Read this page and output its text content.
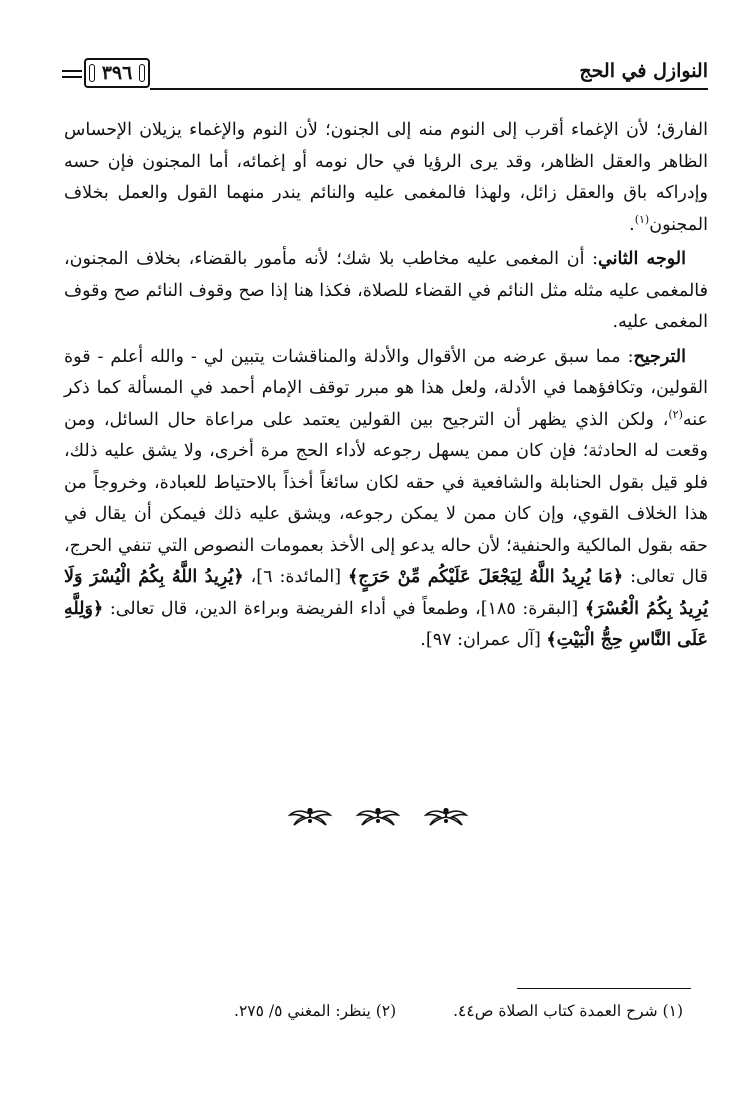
النوازل في الحج
٣٩٦

الفارق؛ لأن الإغماء أقرب إلى النوم منه إلى الجنون؛ لأن النوم والإغماء يزيلان الإحساس الظاهر والعقل الظاهر، وقد يرى الرؤيا في حال نومه أو إغمائه، أما المجنون فإن حسه وإدراكه باق والعقل زائل، ولهذا فالمغمى عليه والنائم يندر منهما القول والعمل بخلاف المجنون$^{(١)}$.

الوجه الثاني: أن المغمى عليه مخاطب بلا شك؛ لأنه مأمور بالقضاء، بخلاف المجنون، فالمغمى عليه مثله مثل النائم في القضاء للصلاة، فكذا هنا إذا صح وقوف النائم صح وقوف المغمى عليه.

الترجيح: مما سبق عرضه من الأقوال والأدلة والمناقشات يتبين لي - والله أعلم - قوة القولين، وتكافؤهما في الأدلة، ولعل هذا هو مبرر توقف الإمام أحمد في المسألة كما ذكر عنه$^{(٢)}$، ولكن الذي يظهر أن الترجيح بين القولين يعتمد على مراعاة حال السائل، ومن وقعت له الحادثة؛ فإن كان ممن يسهل رجوعه لأداء الحج مرة أخرى، ولا يشق عليه ذلك، فلو قيل بقول الحنابلة والشافعية في حقه لكان سائغاً أخذاً بالاحتياط للعبادة، وخروجاً من هذا الخلاف القوي، وإن كان ممن لا يمكن رجوعه، ويشق عليه ذلك فيمكن أن يقال في حقه بقول المالكية والحنفية؛ لأن حاله يدعو إلى الأخذ بعمومات النصوص التي تنفي الحرج، قال تعالى: ﴿مَا يُرِيدُ اللَّهُ لِيَجْعَلَ عَلَيْكُم مِّنْ حَرَجٍ﴾ [المائدة: ٦]، ﴿يُرِيدُ اللَّهُ بِكُمُ الْيُسْرَ وَلَا يُرِيدُ بِكُمُ الْعُسْرَ﴾ [البقرة: ١٨٥]، وطمعاً في أداء الفريضة وبراءة الدين، قال تعالى: ﴿وَلِلَّهِ عَلَى النَّاسِ حِجُّ الْبَيْتِ﴾ [آل عمران: ٩٧].

(١) شرح العمدة كتاب الصلاة ص٤٤. (٢) ينظر: المغني ٥/ ٢٧٥.
